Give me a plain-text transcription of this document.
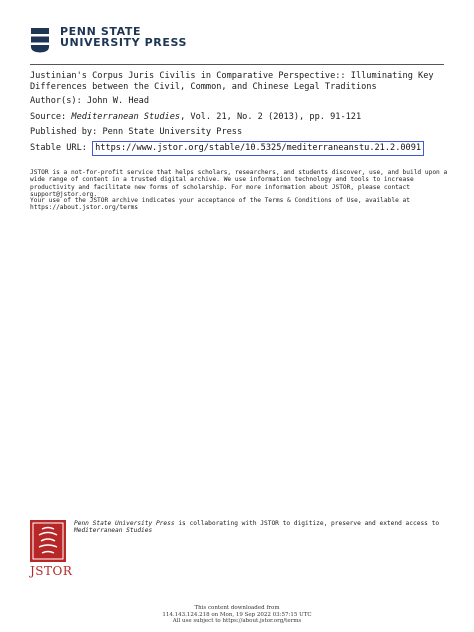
PENN STATE
UNIVERSITY PRESS
Justinian's Corpus Juris Civilis in Comparative Perspective:: Illuminating Key Differences between the Civil, Common, and Chinese Legal Traditions
Author(s): John W. Head
Source: Mediterranean Studies, Vol. 21, No. 2 (2013), pp. 91-121
Published by: Penn State University Press
Stable URL: https://www.jstor.org/stable/10.5325/mediterraneanstu.21.2.0091
JSTOR is a not-for-profit service that helps scholars, researchers, and students discover, use, and build upon a wide range of content in a trusted digital archive. We use information technology and tools to increase productivity and facilitate new forms of scholarship. For more information about JSTOR, please contact support@jstor.org.
Your use of the JSTOR archive indicates your acceptance of the Terms & Conditions of Use, available at https://about.jstor.org/terms
JSTOR
Penn State University Press is collaborating with JSTOR to digitize, preserve and extend access to
Mediterranean Studies
This content downloaded from
114.143.124.218 on Mon, 19 Sep 2022 03:57:15 UTC
All use subject to https://about.jstor.org/terms
